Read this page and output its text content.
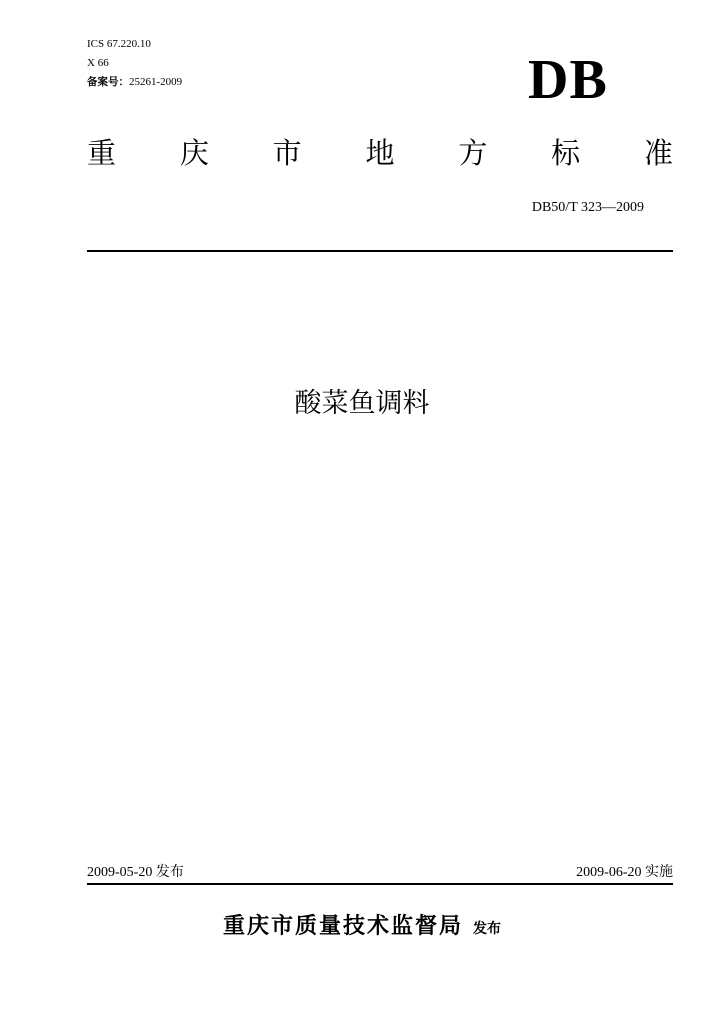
ICS 67.220.10
X 66
备案号：25261-2009	DB
重 庆 市 地 方 标 准
DB50/T 323—2009
酸菜鱼调料
2009-05-20 发布	2009-06-20 实施
重庆市质量技术监督局 发布
